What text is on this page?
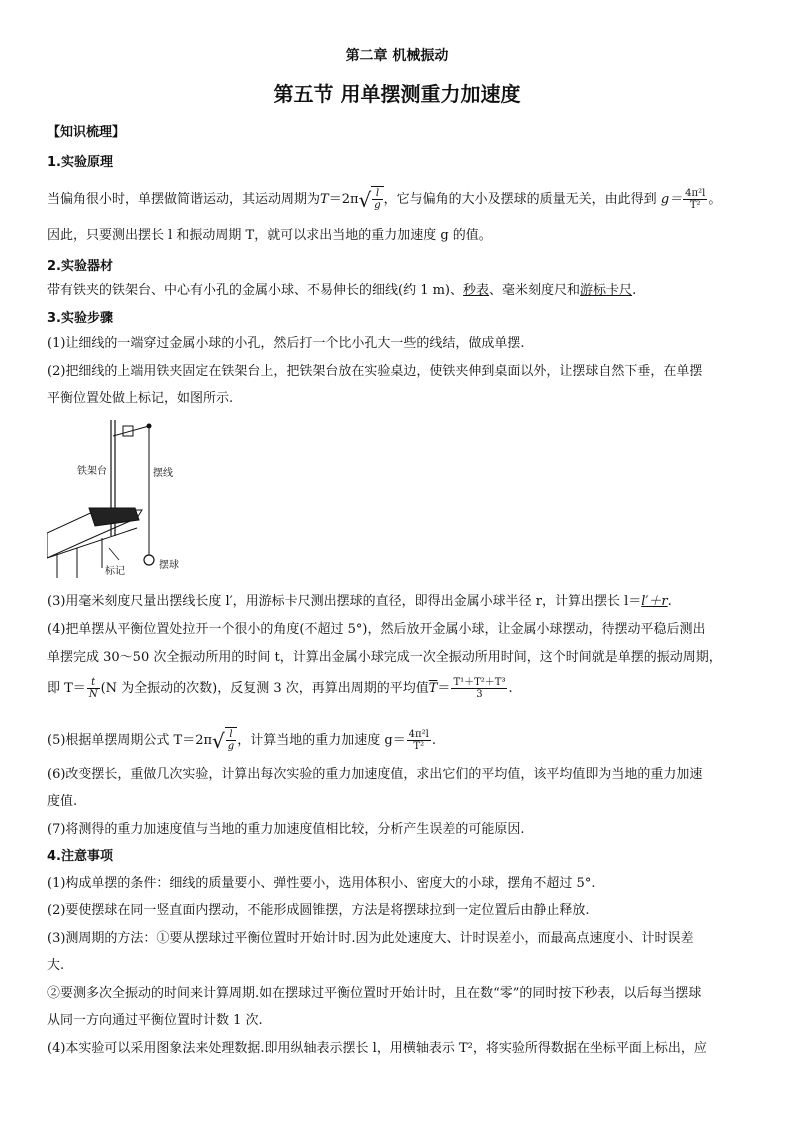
第二章 机械振动
第五节 用单摆测重力加速度
【知识梳理】
1.实验原理
当偏角很小时，单摆做简谐运动，其运动周期为$T=2\pi√ \frac{l}{g}$ ，它与偏角的大小及摆球的质量无关，由此得到 $g= \frac{\text{4π²l}}{\text{T²}}$ 。
因此，只要测出摆长 l 和振动周期 T，就可以求出当地的重力加速度 g 的值。
2.实验器材
带有铁夹的铁架台、中心有小孔的金属小球、不易伸长的细线(约 1 m)、秒表、毫米刻度尺和游标卡尺.
3.实验步骤
(1)让细线的一端穿过金属小球的小孔，然后打一个比小孔大一些的线结，做成单摆.
(2)把细线的上端用铁夹固定在铁架台上，把铁架台放在实验桌边，使铁夹伸到桌面以外，让摆球自然下垂，在单摆
平衡位置处做上标记，如图所示.
铁架台	摆线
标记
摆球
(3)用毫米刻度尺量出摆线长度 l′，用游标卡尺测出摆球的直径，即得出金属小球半径 r，计算出摆长 l＝l′＋r.
(4)把单摆从平衡位置处拉开一个很小的角度(不超过 5°)，然后放开金属小球，让金属小球摆动，待摆动平稳后测出
单摆完成 30～50 次全振动所用的时间 t，计算出金属小球完成一次全振动所用时间，这个时间就是单摆的振动周期，
即 $T= \frac{t}{N} (N$ 为全振动的次数)，反复测 3 次，再算出周期的平均值$\overline{T}= \frac{\text{T¹＋T²＋T³}}{3}$ .
(5)根据单摆周期公式 $T=2\pi√ \frac{l}{g}$ ，计算当地的重力加速度 $g= \frac{\text{4π²l}}{\text{T²}}$ .
(6)改变摆长，重做几次实验，计算出每次实验的重力加速度值，求出它们的平均值，该平均值即为当地的重力加速
度值.
(7)将测得的重力加速度值与当地的重力加速度值相比较，分析产生误差的可能原因.
4.注意事项
(1)构成单摆的条件：细线的质量要小、弹性要小，选用体积小、密度大的小球，摆角不超过 5°.
(2)要使摆球在同一竖直面内摆动，不能形成圆锥摆，方法是将摆球拉到一定位置后由静止释放.
(3)测周期的方法：①要从摆球过平衡位置时开始计时.因为此处速度大、计时误差小，而最高点速度小、计时误差
大.
②要测多次全振动的时间来计算周期.如在摆球过平衡位置时开始计时，且在数“零”的同时按下秒表，以后每当摆球
从同一方向通过平衡位置时计数 1 次.
(4)本实验可以采用图象法来处理数据.即用纵轴表示摆长 l，用横轴表示 T²，将实验所得数据在坐标平面上标出，应
